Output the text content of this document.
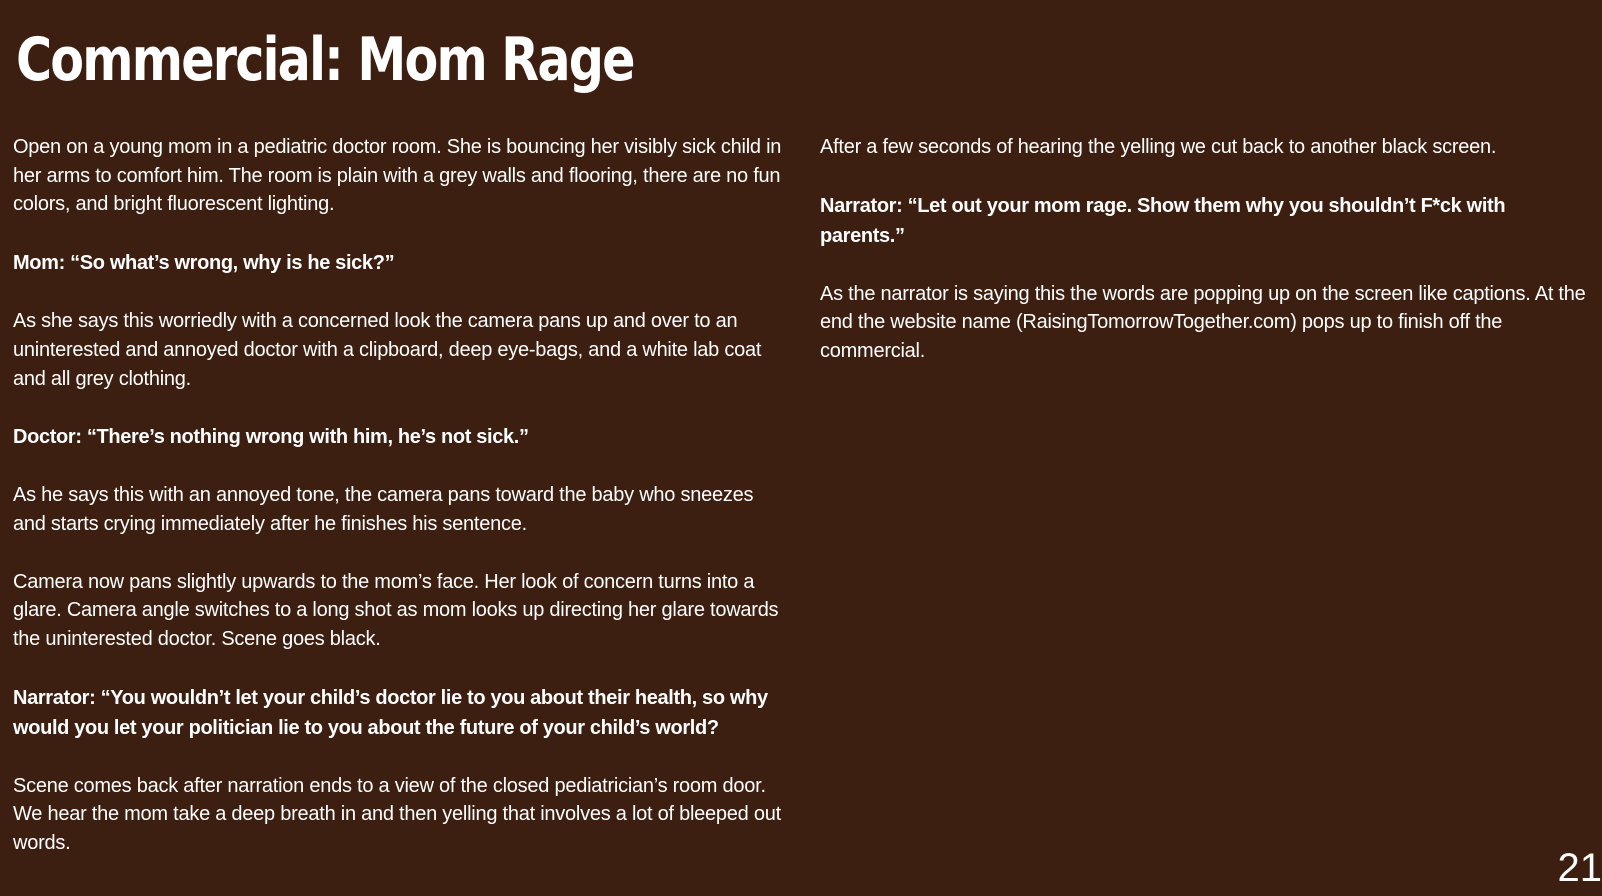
Commercial: Mom Rage

Open on a young mom in a pediatric doctor room. She is bouncing her visibly sick child in her arms to comfort him. The room is plain with a grey walls and flooring, there are no fun colors, and bright fluorescent lighting.

Mom: “So what’s wrong, why is he sick?”

As she says this worriedly with a concerned look the camera pans up and over to an uninterested and annoyed doctor with a clipboard, deep eye-bags, and a white lab coat and all grey clothing.

Doctor: “There’s nothing wrong with him, he’s not sick.”

As he says this with an annoyed tone, the camera pans toward the baby who sneezes and starts crying immediately after he finishes his sentence.

Camera now pans slightly upwards to the mom’s face. Her look of concern turns into a glare. Camera angle switches to a long shot as mom looks up directing her glare towards the uninterested doctor. Scene goes black.

Narrator: “You wouldn’t let your child’s doctor lie to you about their health, so why would you let your politician lie to you about the future of your child’s world?

Scene comes back after narration ends to a view of the closed pediatrician’s room door. We hear the mom take a deep breath in and then yelling that involves a lot of bleeped out words.

After a few seconds of hearing the yelling we cut back to another black screen.

Narrator: “Let out your mom rage. Show them why you shouldn’t F*ck with parents.”

As the narrator is saying this the words are popping up on the screen like captions. At the end the website name (RaisingTomorrowTogether.com) pops up to finish off the commercial.

21
